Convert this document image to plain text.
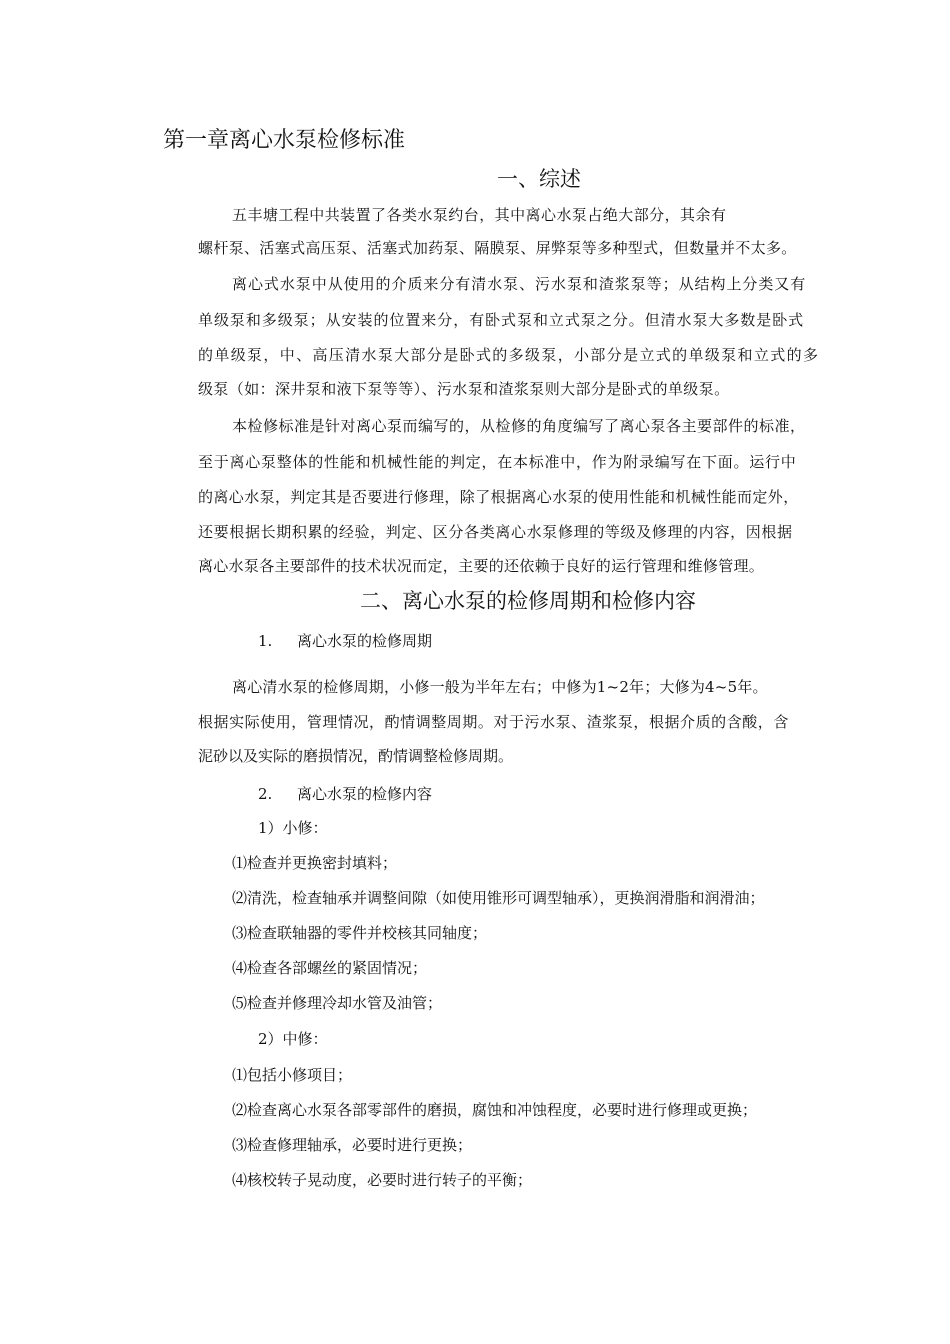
第一章离心水泵检修标准
一、综述
五丰塘工程中共装置了各类水泵约台，其中离心水泵占绝大部分，其余有
螺杆泵、活塞式高压泵、活塞式加药泵、隔膜泵、屏弊泵等多种型式，但数量并不太多。
离心式水泵中从使用的介质来分有清水泵、污水泵和渣浆泵等；从结构上分类又有
单级泵和多级泵；从安装的位置来分，有卧式泵和立式泵之分。但清水泵大多数是卧式
的单级泵，中、高压清水泵大部分是卧式的多级泵，小部分是立式的单级泵和立式的多
级泵（如：深井泵和液下泵等等）、污水泵和渣浆泵则大部分是卧式的单级泵。
本检修标准是针对离心泵而编写的，从检修的角度编写了离心泵各主要部件的标准，
至于离心泵整体的性能和机械性能的判定，在本标准中，作为附录编写在下面。运行中
的离心水泵，判定其是否要进行修理，除了根据离心水泵的使用性能和机械性能而定外，
还要根据长期积累的经验，判定、区分各类离心水泵修理的等级及修理的内容，因根据
离心水泵各主要部件的技术状况而定，主要的还依赖于良好的运行管理和维修管理。
二、离心水泵的检修周期和检修内容
1. 离心水泵的检修周期
离心清水泵的检修周期，小修一般为半年左右；中修为1~2年；大修为4~5年。
根据实际使用，管理情况，酌情调整周期。对于污水泵、渣浆泵，根据介质的含酸，含
泥砂以及实际的磨损情况，酌情调整检修周期。
2. 离心水泵的检修内容
1）小修：
⑴检查并更换密封填料；
⑵清洗，检查轴承并调整间隙（如使用锥形可调型轴承），更换润滑脂和润滑油；
⑶检查联轴器的零件并校核其同轴度；
⑷检查各部螺丝的紧固情况；
⑸检查并修理冷却水管及油管；
2）中修：
⑴包括小修项目；
⑵检查离心水泵各部零部件的磨损，腐蚀和冲蚀程度，必要时进行修理或更换；
⑶检查修理轴承，必要时进行更换；
⑷核校转子晃动度，必要时进行转子的平衡；
